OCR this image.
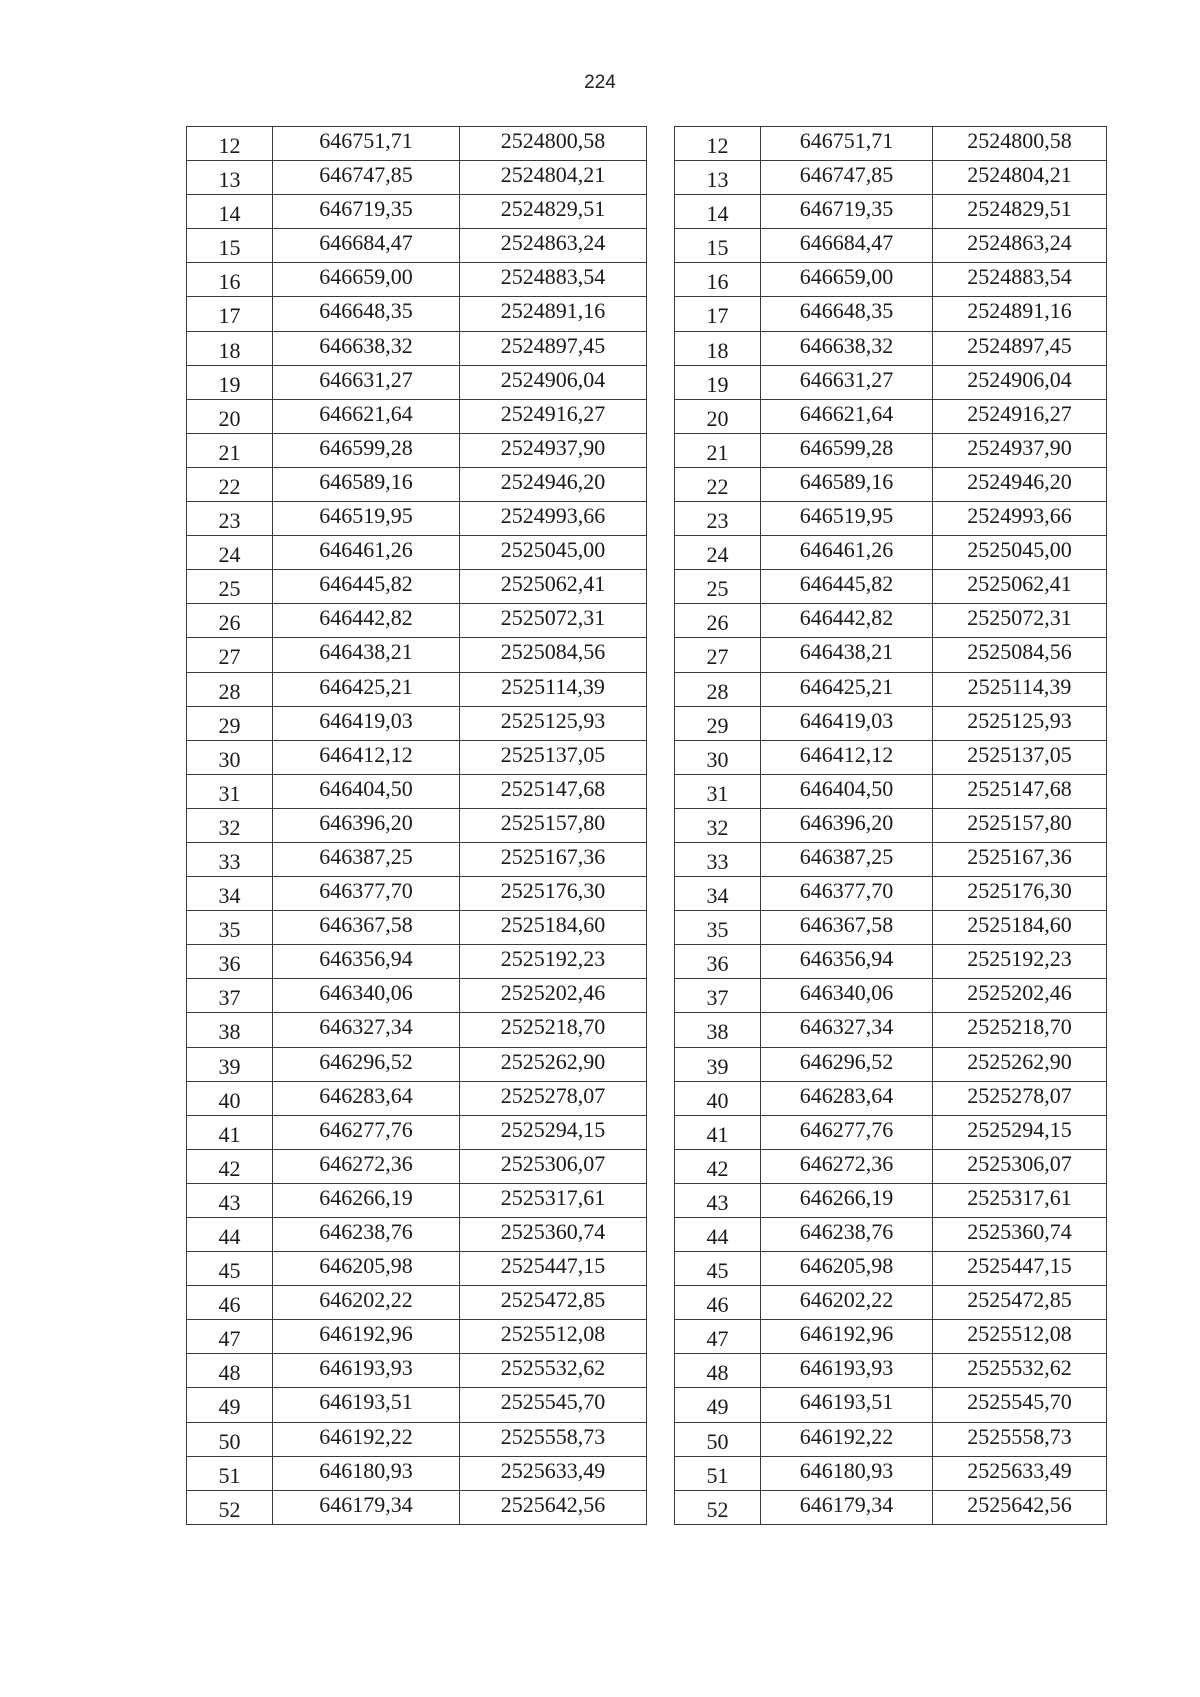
224
12	646751,71	2524800,58
13	646747,85	2524804,21
14	646719,35	2524829,51
15	646684,47	2524863,24
16	646659,00	2524883,54
17	646648,35	2524891,16
18	646638,32	2524897,45
19	646631,27	2524906,04
20	646621,64	2524916,27
21	646599,28	2524937,90
22	646589,16	2524946,20
23	646519,95	2524993,66
24	646461,26	2525045,00
25	646445,82	2525062,41
26	646442,82	2525072,31
27	646438,21	2525084,56
28	646425,21	2525114,39
29	646419,03	2525125,93
30	646412,12	2525137,05
31	646404,50	2525147,68
32	646396,20	2525157,80
33	646387,25	2525167,36
34	646377,70	2525176,30
35	646367,58	2525184,60
36	646356,94	2525192,23
37	646340,06	2525202,46
38	646327,34	2525218,70
39	646296,52	2525262,90
40	646283,64	2525278,07
41	646277,76	2525294,15
42	646272,36	2525306,07
43	646266,19	2525317,61
44	646238,76	2525360,74
45	646205,98	2525447,15
46	646202,22	2525472,85
47	646192,96	2525512,08
48	646193,93	2525532,62
49	646193,51	2525545,70
50	646192,22	2525558,73
51	646180,93	2525633,49
52	646179,34	2525642,56
12	646751,71	2524800,58
13	646747,85	2524804,21
14	646719,35	2524829,51
15	646684,47	2524863,24
16	646659,00	2524883,54
17	646648,35	2524891,16
18	646638,32	2524897,45
19	646631,27	2524906,04
20	646621,64	2524916,27
21	646599,28	2524937,90
22	646589,16	2524946,20
23	646519,95	2524993,66
24	646461,26	2525045,00
25	646445,82	2525062,41
26	646442,82	2525072,31
27	646438,21	2525084,56
28	646425,21	2525114,39
29	646419,03	2525125,93
30	646412,12	2525137,05
31	646404,50	2525147,68
32	646396,20	2525157,80
33	646387,25	2525167,36
34	646377,70	2525176,30
35	646367,58	2525184,60
36	646356,94	2525192,23
37	646340,06	2525202,46
38	646327,34	2525218,70
39	646296,52	2525262,90
40	646283,64	2525278,07
41	646277,76	2525294,15
42	646272,36	2525306,07
43	646266,19	2525317,61
44	646238,76	2525360,74
45	646205,98	2525447,15
46	646202,22	2525472,85
47	646192,96	2525512,08
48	646193,93	2525532,62
49	646193,51	2525545,70
50	646192,22	2525558,73
51	646180,93	2525633,49
52	646179,34	2525642,56
